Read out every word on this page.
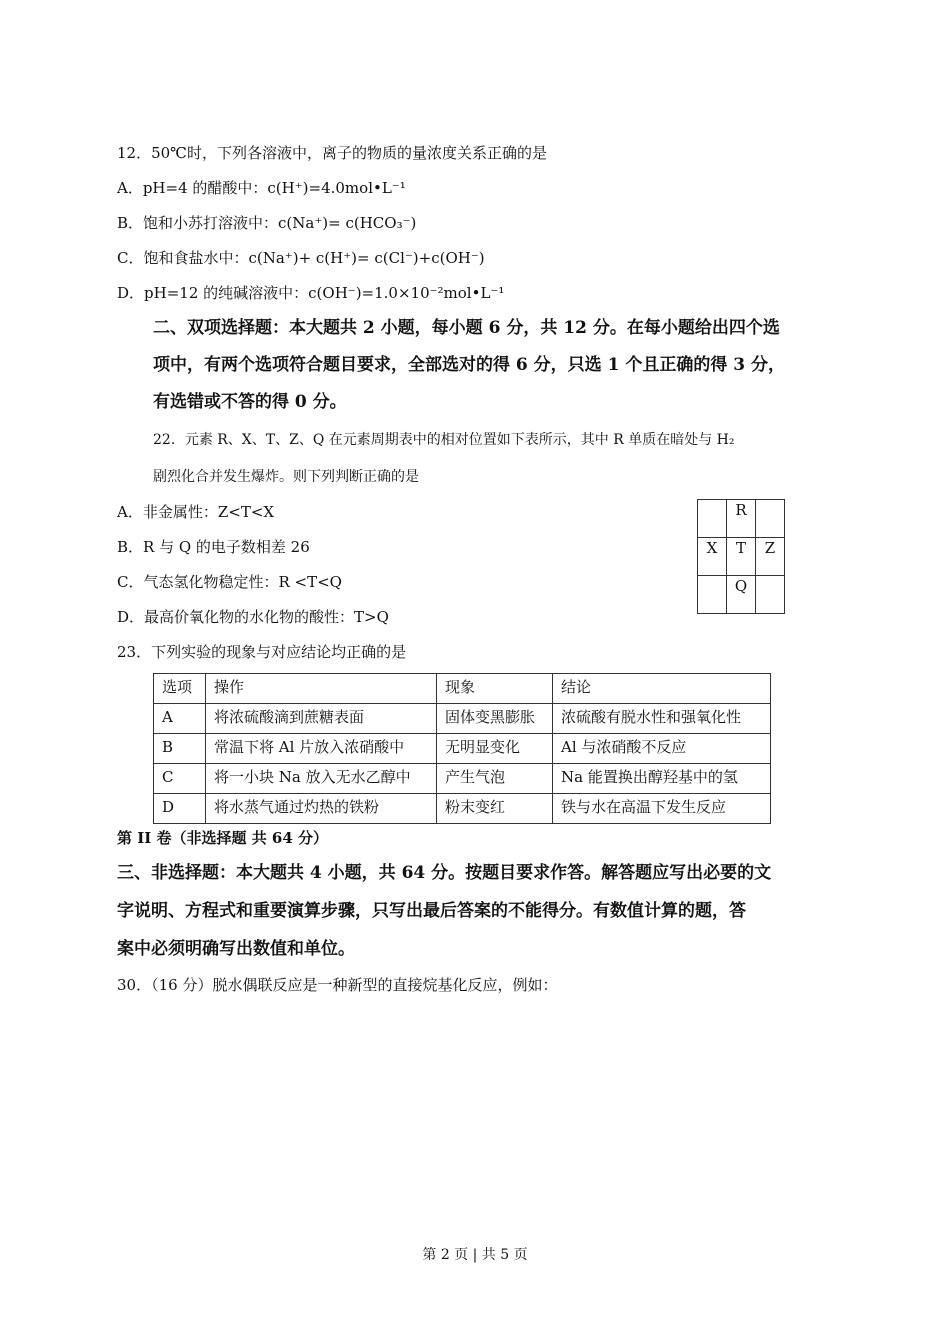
12．50℃时，下列各溶液中，离子的物质的量浓度关系正确的是
A．pH=4 的醋酸中：c(H⁺)=4.0mol•L⁻¹
B．饱和小苏打溶液中：c(Na⁺)= c(HCO₃⁻)
C．饱和食盐水中：c(Na⁺)+ c(H⁺)= c(Cl⁻)+c(OH⁻)
D．pH=12 的纯碱溶液中：c(OH⁻)=1.0×10⁻²mol•L⁻¹
二、双项选择题：本大题共 2 小题，每小题 6 分，共 12 分。在每小题给出四个选
项中，有两个选项符合题目要求，全部选对的得 6 分，只选 1 个且正确的得 3 分，
有选错或不答的得 0 分。
22．元素 R、X、T、Z、Q 在元素周期表中的相对位置如下表所示，其中 R 单质在暗处与 H₂
剧烈化合并发生爆炸。则下列判断正确的是
A．非金属性：Z<T<X
B．R 与 Q 的电子数相差 26
C．气态氢化物稳定性：R <T<Q
D．最高价氧化物的水化物的酸性：T>Q
	R	
X	T	Z
	Q	
23．下列实验的现象与对应结论均正确的是
选项	操作	现象	结论
A	将浓硫酸滴到蔗糖表面	固体变黑膨胀	浓硫酸有脱水性和强氧化性
B	常温下将 Al 片放入浓硝酸中	无明显变化	Al 与浓硝酸不反应
C	将一小块 Na 放入无水乙醇中	产生气泡	Na 能置换出醇羟基中的氢
D	将水蒸气通过灼热的铁粉	粉末变红	铁与水在高温下发生反应
第 II 卷（非选择题 共 64 分）
三、非选择题：本大题共 4 小题，共 64 分。按题目要求作答。解答题应写出必要的文
字说明、方程式和重要演算步骤，只写出最后答案的不能得分。有数值计算的题，答
案中必须明确写出数值和单位。
30．（16 分）脱水偶联反应是一种新型的直接烷基化反应，例如：
第 2 页 | 共 5 页
